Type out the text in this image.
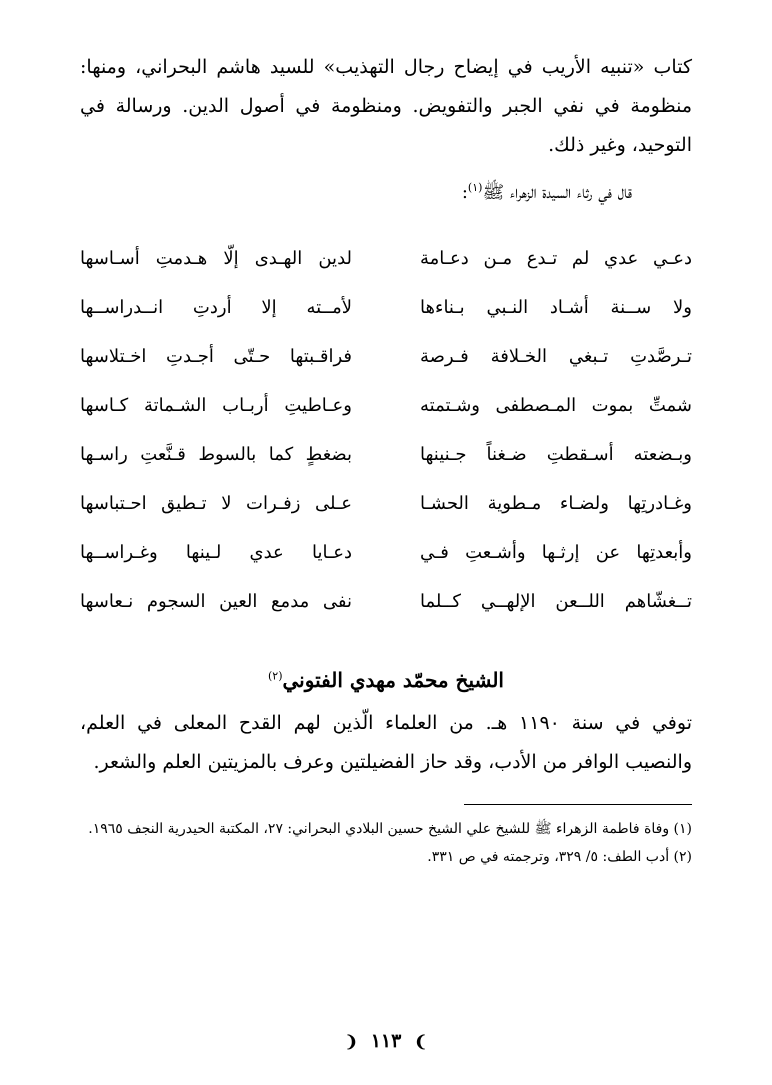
كتاب «تنبيه الأريب في إيضاح رجال التهذيب» للسيد هاشم البحراني، ومنها: منظومة في نفي الجبر والتفويض. ومنظومة في أصول الدين. ورسالة في التوحيد، وغير ذلك.

قال في رثاء السيدة الزهراء ﷺ$^{(١)}$:
دعـي عدي لم تـدع مـن دعـامة
لدين الهـدى إلّا هـدمتِ أسـاسها
ولا ســنة أشـاد النـبي بـناءها
لأمــته إلا أردتِ انــدراســها
تـرصَّدتِ تـبغي الخـلافة فـرصة
فراقـبتها حـتّى أجـدتِ اخـتلاسها
شمتِّ بموت المـصطفى وشـتمته
وعـاطيتِ أربـاب الشـماتة كـاسها
وبـضعته أسـقطتِ ضـغناً جـنينها
بضغطٍ كما بالسوط قـنَّعتِ راسـها
وغـادرتِها ولضـاء مـطوية الحشـا
عـلى زفـرات لا تـطيق احـتباسها
وأبعدتِها عن إرثـها وأشـعتِ فـي
دعـايا عدي لـينها وغـراســها
تــغشّاهم اللــعن الإلهــي كــلما
نفى مدمع العين السجوم نـعاسها
الشيخ محمّد مهدي الفتوني$^{(٢)}$

توفي في سنة ١١٩٠ هـ. من العلماء الّذين لهم القدح المعلى في العلم، والنصيب الوافر من الأدب، وقد حاز الفضيلتين وعرف بالمزيتين العلم والشعر.

(١) وفاة فاطمة الزهراء ﷺ للشيخ علي الشيخ حسين البلادي البحراني: ٢٧، المكتبة الحيدرية النجف ١٩٦٥.
(٢) أدب الطف: ٥/ ٣٢٩، وترجمته في ص ٣٣١.
❩ ١١٣ ❨
